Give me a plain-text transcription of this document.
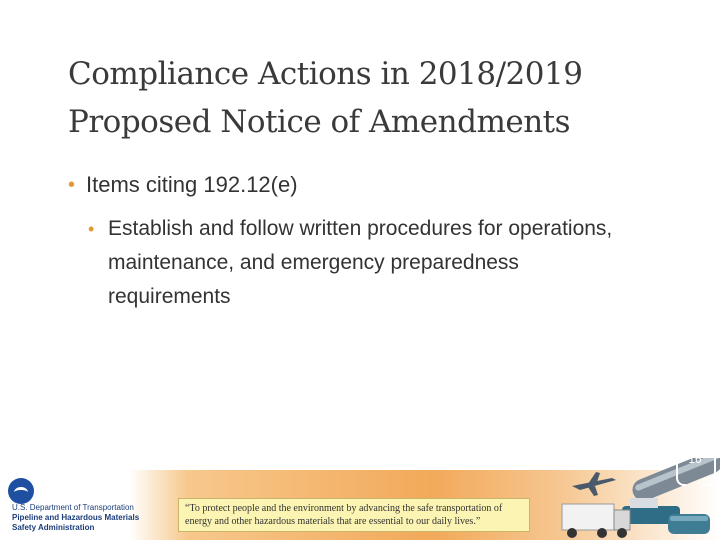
Compliance Actions in 2018/2019
Proposed Notice of Amendments
• Items citing 192.12(e)
• Establish and follow written procedures for operations, maintenance, and emergency preparedness requirements
U.S. Department of Transportation
Pipeline and Hazardous Materials
Safety Administration
“To protect people and the environment by advancing the safe transportation of energy and other hazardous materials that are essential to our daily lives.”
16
